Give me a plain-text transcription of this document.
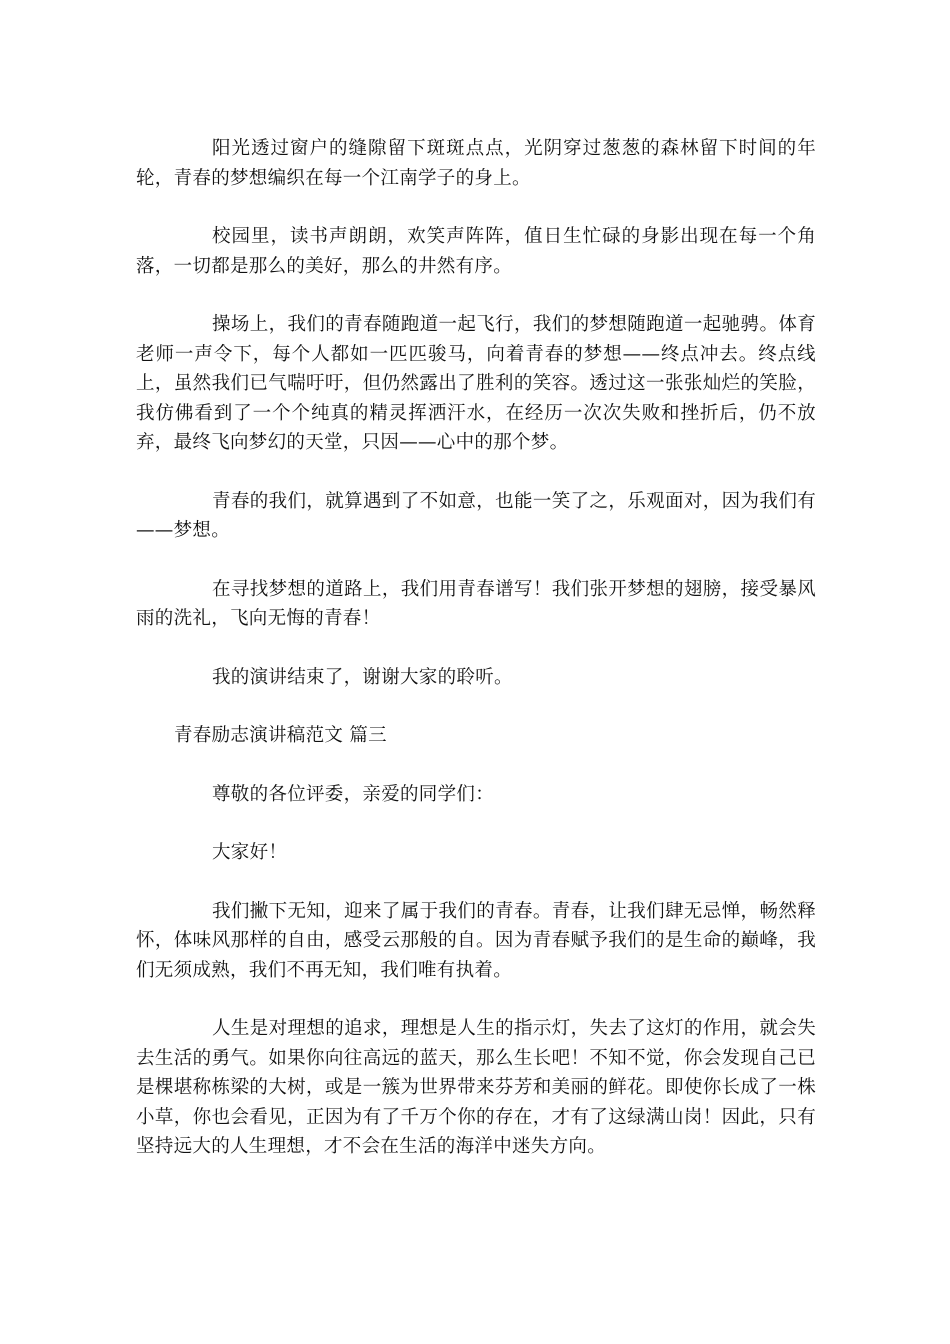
阳光透过窗户的缝隙留下斑斑点点，光阴穿过葱葱的森林留下时间的年轮，青春的梦想编织在每一个江南学子的身上。

校园里，读书声朗朗，欢笑声阵阵，值日生忙碌的身影出现在每一个角落，一切都是那么的美好，那么的井然有序。

操场上，我们的青春随跑道一起飞行，我们的梦想随跑道一起驰骋。体育老师一声令下，每个人都如一匹匹骏马，向着青春的梦想——终点冲去。终点线上，虽然我们已气喘吁吁，但仍然露出了胜利的笑容。透过这一张张灿烂的笑脸，我仿佛看到了一个个纯真的精灵挥洒汗水，在经历一次次失败和挫折后，仍不放弃，最终飞向梦幻的天堂，只因——心中的那个梦。

青春的我们，就算遇到了不如意，也能一笑了之，乐观面对，因为我们有——梦想。

在寻找梦想的道路上，我们用青春谱写！我们张开梦想的翅膀，接受暴风雨的洗礼，飞向无悔的青春！

我的演讲结束了，谢谢大家的聆听。

青春励志演讲稿范文 篇三

尊敬的各位评委，亲爱的同学们：

大家好！

我们撇下无知，迎来了属于我们的青春。青春，让我们肆无忌惮，畅然释怀，体味风那样的自由，感受云那般的自。因为青春赋予我们的是生命的巅峰，我们无须成熟，我们不再无知，我们唯有执着。

人生是对理想的追求，理想是人生的指示灯，失去了这灯的作用，就会失去生活的勇气。如果你向往高远的蓝天，那么生长吧！不知不觉，你会发现自己已是棵堪称栋梁的大树，或是一簇为世界带来芬芳和美丽的鲜花。即使你长成了一株小草，你也会看见，正因为有了千万个你的存在，才有了这绿满山岗！因此，只有坚持远大的人生理想，才不会在生活的海洋中迷失方向。
